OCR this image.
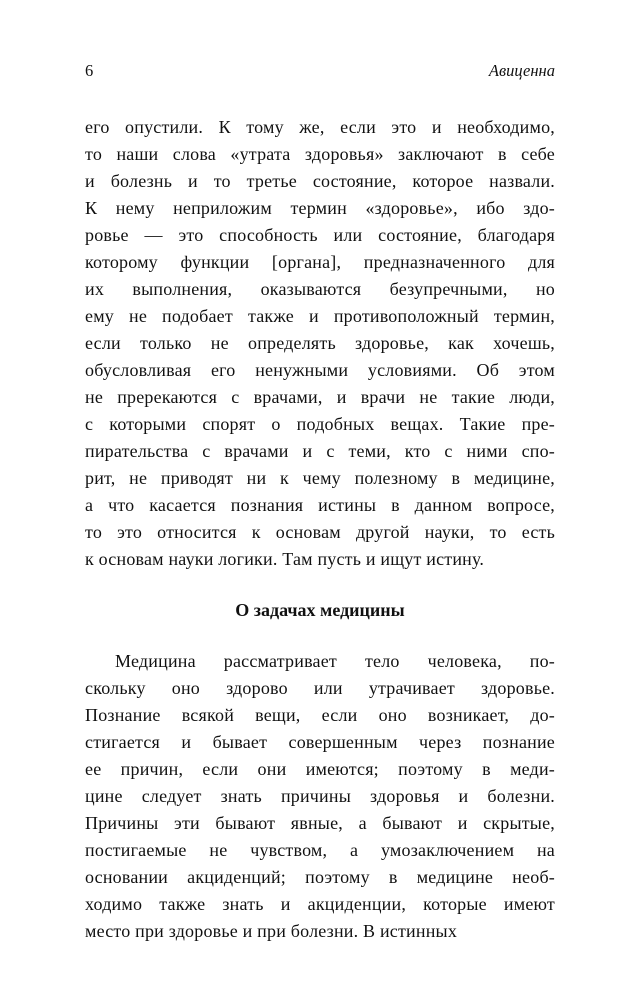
6	Авиценна
его опустили. К тому же, если это и необходимо,
то наши слова «утрата здоровья» заключают в себе
и болезнь и то третье состояние, которое назвали.
К нему неприложим термин «здоровье», ибо здо-
ровье — это способность или состояние, благодаря
которому функции [органа], предназначенного для
их выполнения, оказываются безупречными, но
ему не подобает также и противоположный термин,
если только не определять здоровье, как хочешь,
обусловливая его ненужными условиями. Об этом
не пререкаются с врачами, и врачи не такие люди,
с которыми спорят о подобных вещах. Такие пре-
пирательства с врачами и с теми, кто с ними спо-
рит, не приводят ни к чему полезному в медицине,
а что касается познания истины в данном вопросе,
то это относится к основам другой науки, то есть
к основам науки логики. Там пусть и ищут истину.
О задачах медицины
Медицина рассматривает тело человека, по-
скольку оно здорово или утрачивает здоровье.
Познание всякой вещи, если оно возникает, до-
стигается и бывает совершенным через познание
ее причин, если они имеются; поэтому в меди-
цине следует знать причины здоровья и болезни.
Причины эти бывают явные, а бывают и скрытые,
постигаемые не чувством, а умозаключением на
основании акциденций; поэтому в медицине необ-
ходимо также знать и акциденции, которые имеют
место при здоровье и при болезни. В истинных
